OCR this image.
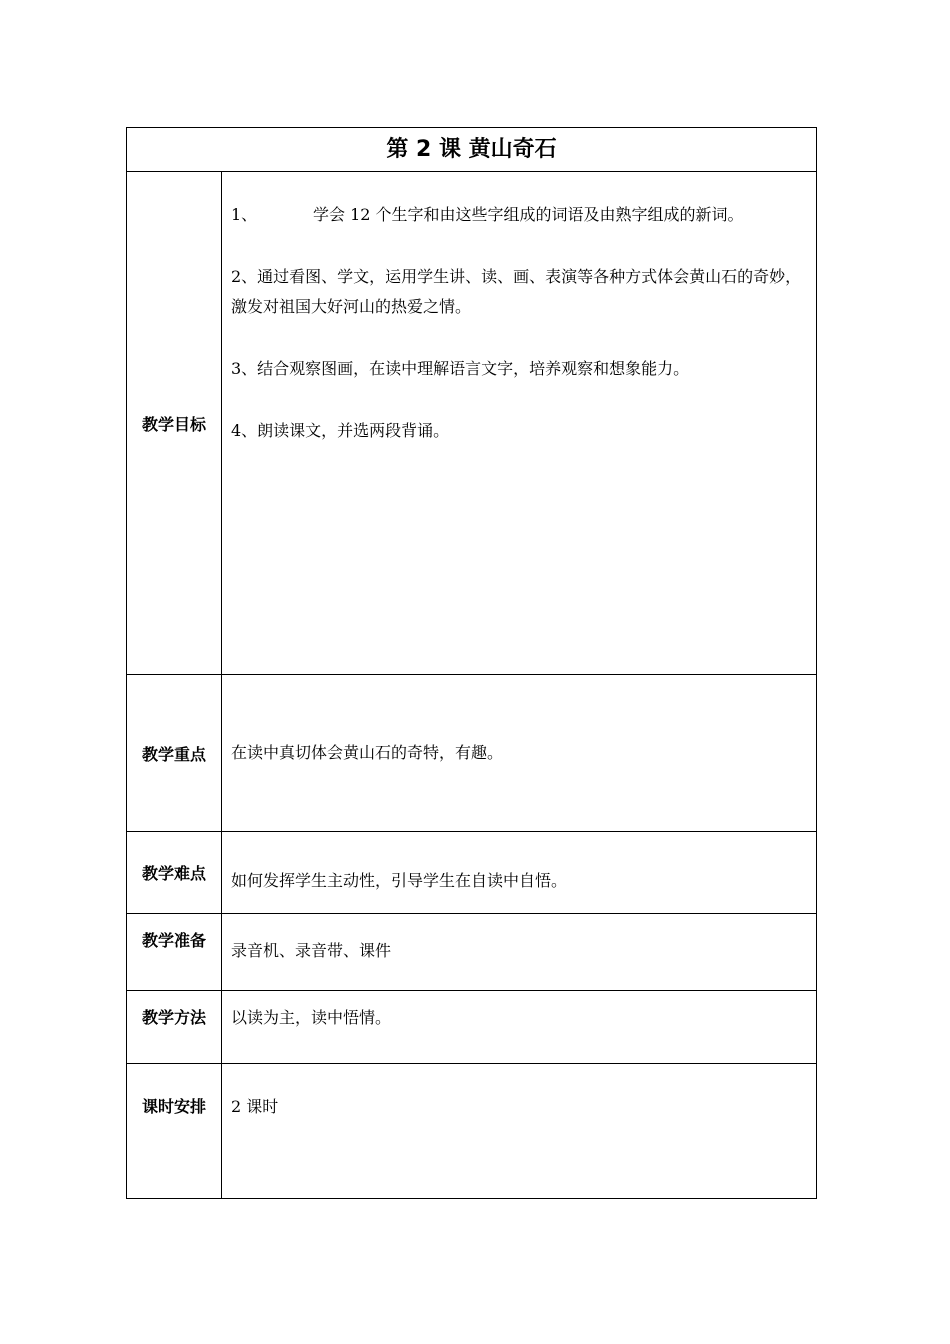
第 2 课 黄山奇石	
教学目标	1、 学会 12 个生字和由这些字组成的词语及由熟字组成的新词。

2、通过看图、学文，运用学生讲、读、画、表演等各种方式体会黄山石的奇妙，激发对祖国大好河山的热爱之情。

3、结合观察图画，在读中理解语言文字，培养观察和想象能力。

4、朗读课文，并选两段背诵。

教学重点	在读中真切体会黄山石的奇特，有趣。
教学难点	如何发挥学生主动性，引导学生在自读中自悟。

教学准备	录音机、录音带、课件

教学方法	以读为主，读中悟情。

课时安排	2 课时
